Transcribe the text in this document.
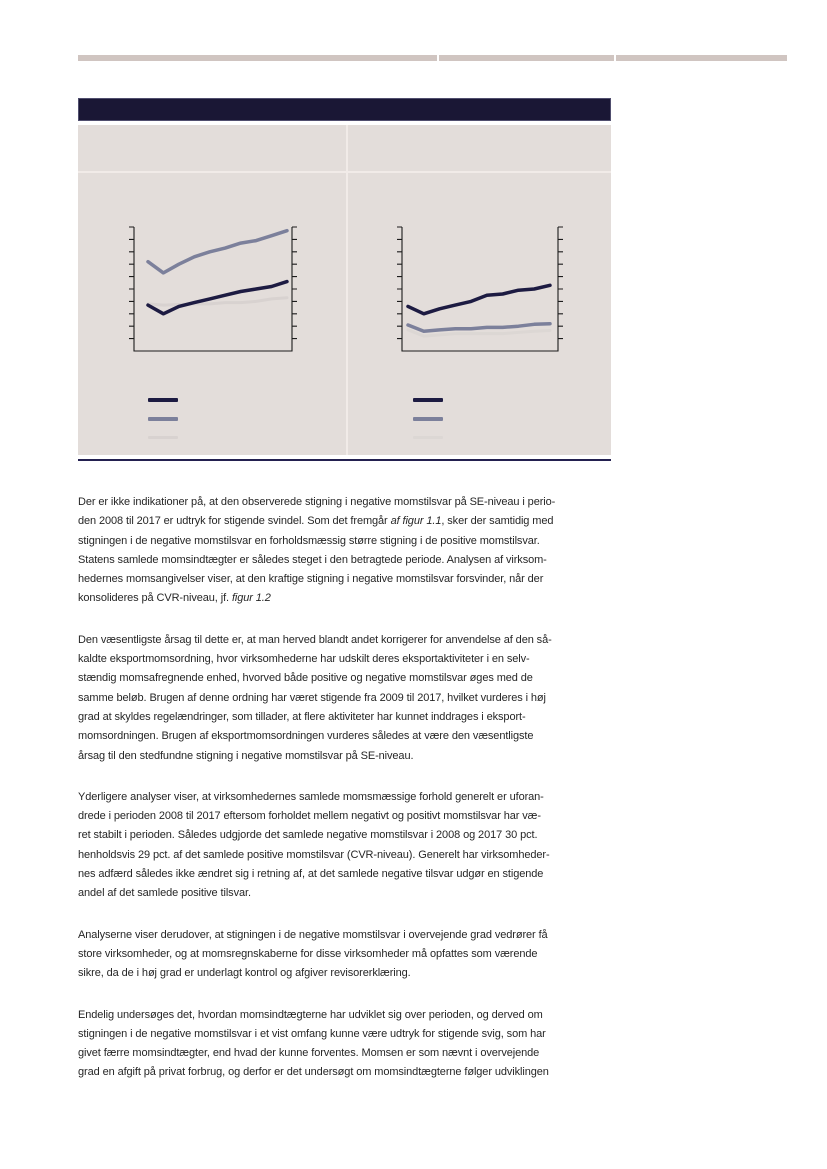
Der er ikke indikationer på, at den observerede stigning i negative momstilsvar på SE-niveau i perio-
den 2008 til 2017 er udtryk for stigende svindel. Som det fremgår af figur 1.1, sker der samtidig med
stigningen i de negative momstilsvar en forholdsmæssig større stigning i de positive momstilsvar.
Statens samlede momsindtægter er således steget i den betragtede periode. Analysen af virksom-
hedernes momsangivelser viser, at den kraftige stigning i negative momstilsvar forsvinder, når der
konsolideres på CVR-niveau, jf. figur 1.2

Den væsentligste årsag til dette er, at man herved blandt andet korrigerer for anvendelse af den så-
kaldte eksportmomsordning, hvor virksomhederne har udskilt deres eksportaktiviteter i en selv-
stændig momsafregnende enhed, hvorved både positive og negative momstilsvar øges med de
samme beløb. Brugen af denne ordning har været stigende fra 2009 til 2017, hvilket vurderes i høj
grad at skyldes regelændringer, som tillader, at flere aktiviteter har kunnet inddrages i eksport-
momsordningen. Brugen af eksportmomsordningen vurderes således at være den væsentligste
årsag til den stedfundne stigning i negative momstilsvar på SE-niveau.

Yderligere analyser viser, at virksomhedernes samlede momsmæssige forhold generelt er uforan-
drede i perioden 2008 til 2017 eftersom forholdet mellem negativt og positivt momstilsvar har væ-
ret stabilt i perioden. Således udgjorde det samlede negative momstilsvar i 2008 og 2017 30 pct.
henholdsvis 29 pct. af det samlede positive momstilsvar (CVR-niveau). Generelt har virksomheder-
nes adfærd således ikke ændret sig i retning af, at det samlede negative tilsvar udgør en stigende
andel af det samlede positive tilsvar.

Analyserne viser derudover, at stigningen i de negative momstilsvar i overvejende grad vedrører få
store virksomheder, og at momsregnskaberne for disse virksomheder må opfattes som værende
sikre, da de i høj grad er underlagt kontrol og afgiver revisorerklæring.

Endelig undersøges det, hvordan momsindtægterne har udviklet sig over perioden, og derved om
stigningen i de negative momstilsvar i et vist omfang kunne være udtryk for stigende svig, som har
givet færre momsindtægter, end hvad der kunne forventes. Momsen er som nævnt i overvejende
grad en afgift på privat forbrug, og derfor er det undersøgt om momsindtægterne følger udviklingen
